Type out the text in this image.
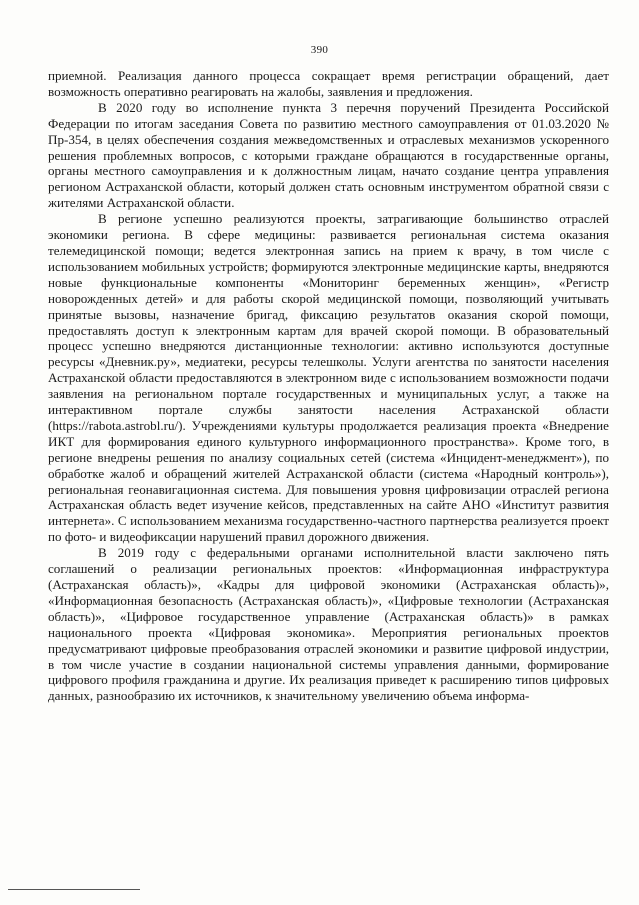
390

приемной. Реализация данного процесса сокращает время регистрации обращений, дает возможность оперативно реагировать на жалобы, заявления и предложения.

В 2020 году во исполнение пункта 3 перечня поручений Президента Российской Федерации по итогам заседания Совета по развитию местного самоуправления от 01.03.2020 № Пр-354, в целях обеспечения создания межведомственных и отраслевых механизмов ускоренного решения проблемных вопросов, с которыми граждане обращаются в государственные органы, органы местного самоуправления и к должностным лицам, начато создание центра управления регионом Астраханской области, который должен стать основным инструментом обратной связи с жителями Астраханской области.

В регионе успешно реализуются проекты, затрагивающие большинство отраслей экономики региона. В сфере медицины: развивается региональная система оказания телемедицинской помощи; ведется электронная запись на прием к врачу, в том числе с использованием мобильных устройств; формируются электронные медицинские карты, внедряются новые функциональные компоненты «Мониторинг беременных женщин», «Регистр новорожденных детей» и для работы скорой медицинской помощи, позволяющий учитывать принятые вызовы, назначение бригад, фиксацию результатов оказания скорой помощи, предоставлять доступ к электронным картам для врачей скорой помощи. В образовательный процесс успешно внедряются дистанционные технологии: активно используются доступные ресурсы «Дневник.ру», медиатеки, ресурсы телешколы. Услуги агентства по занятости населения Астраханской области предоставляются в электронном виде с использованием возможности подачи заявления на региональном портале государственных и муниципальных услуг, а также на интерактивном портале службы занятости населения Астраханской области (https://rabota.astrobl.ru/). Учреждениями культуры продолжается реализация проекта «Внедрение ИКТ для формирования единого культурного информационного пространства». Кроме того, в регионе внедрены решения по анализу социальных сетей (система «Инцидент-менеджмент»), по обработке жалоб и обращений жителей Астраханской области (система «Народный контроль»), региональная геонавигационная система. Для повышения уровня цифровизации отраслей региона Астраханская область ведет изучение кейсов, представленных на сайте АНО «Институт развития интернета». С использованием механизма государственно-частного партнерства реализуется проект по фото- и видеофиксации нарушений правил дорожного движения.

В 2019 году с федеральными органами исполнительной власти заключено пять соглашений о реализации региональных проектов: «Информационная инфраструктура (Астраханская область)», «Кадры для цифровой экономики (Астраханская область)», «Информационная безопасность (Астраханская область)», «Цифровые технологии (Астраханская область)», «Цифровое государственное управление (Астраханская область)» в рамках национального проекта «Цифровая экономика». Мероприятия региональных проектов предусматривают цифровые преобразования отраслей экономики и развитие цифровой индустрии, в том числе участие в создании национальной системы управления данными, формирование цифрового профиля гражданина и другие. Их реализация приведет к расширению типов цифровых данных, разнообразию их источников, к значительному увеличению объема информа-
